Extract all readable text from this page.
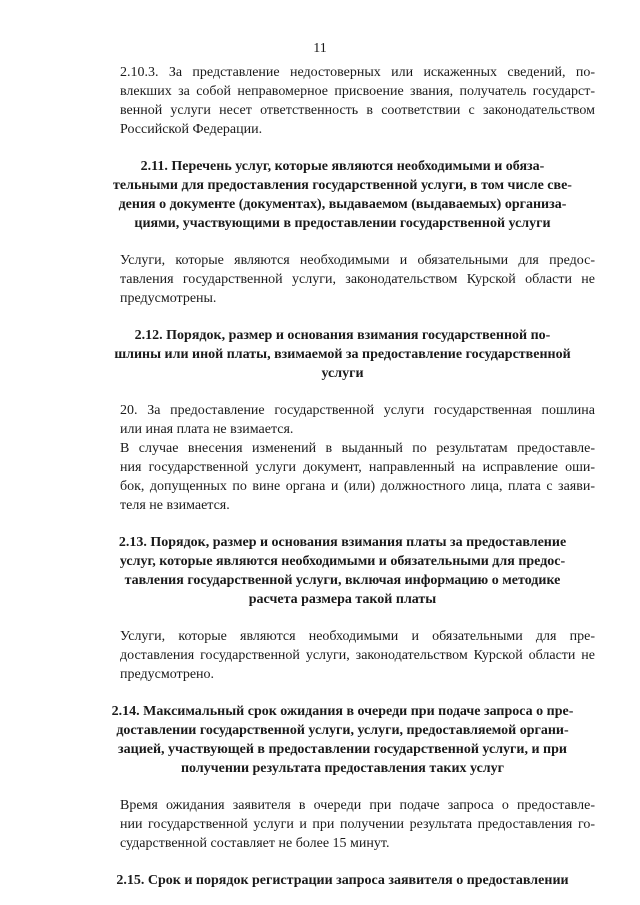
11

2.10.3. За представление недостоверных или искаженных сведений, по-
влекших за собой неправомерное присвоение звания, получатель государст-
венной услуги несет ответственность в соответствии с законодательством
Российской Федерации.

2.11. Перечень услуг, которые являются необходимыми и обяза-
тельными для предоставления государственной услуги, в том числе све-
дения о документе (документах), выдаваемом (выдаваемых) организа-
циями, участвующими в предоставлении государственной услуги

Услуги, которые являются необходимыми и обязательными для предос-
тавления государственной услуги, законодательством Курской области не
предусмотрены.

2.12. Порядок, размер и основания взимания государственной по-
шлины или иной платы, взимаемой за предоставление государственной
услуги

20. За предоставление государственной услуги государственная пошлина
или иная плата не взимается.

В случае внесения изменений в выданный по результатам предоставле-
ния государственной услуги документ, направленный на исправление оши-
бок, допущенных по вине органа и (или) должностного лица, плата с заяви-
теля не взимается.

2.13. Порядок, размер и основания взимания платы за предоставление
услуг, которые являются необходимыми и обязательными для предос-
тавления государственной услуги, включая информацию о методике
расчета размера такой платы

Услуги, которые являются необходимыми и обязательными для пре-
доставления государственной услуги, законодательством Курской области не
предусмотрено.

2.14. Максимальный срок ожидания в очереди при подаче запроса о пре-
доставлении государственной услуги, услуги, предоставляемой органи-
зацией, участвующей в предоставлении государственной услуги, и при
получении результата предоставления таких услуг

Время ожидания заявителя в очереди при подаче запроса о предоставле-
нии государственной услуги и при получении результата предоставления го-
сударственной составляет не более 15 минут.

2.15. Срок и порядок регистрации запроса заявителя о предоставлении
